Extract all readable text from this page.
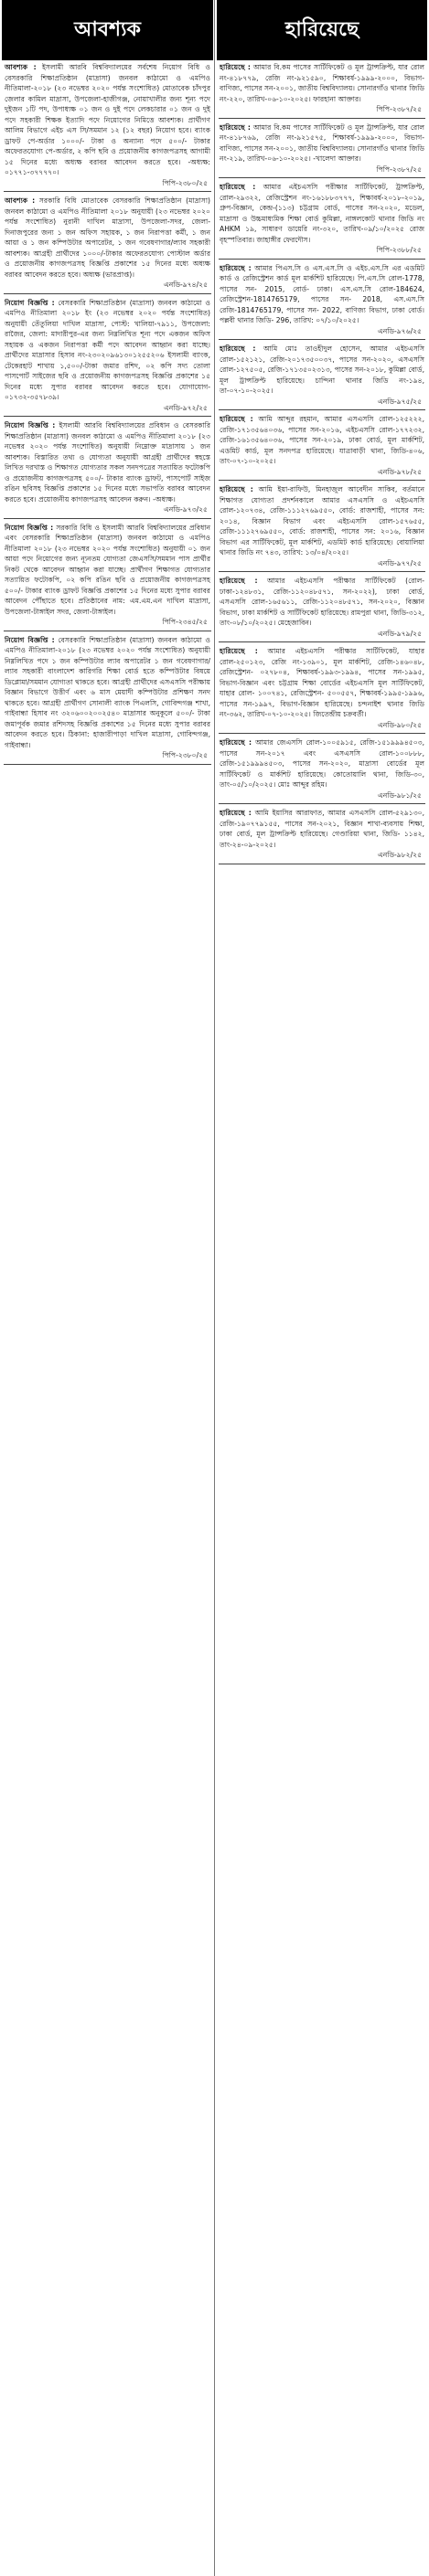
আবশ্যক
আবশ্যক : ইসলামী আরবি বিশ্ববিদ্যালয়ের সর্বশেষ নিয়োগ বিধি ও বেসরকারি শিক্ষাপ্রতিষ্ঠান (মাদ্রাসা) জনবল কাঠামো ও এমপিও নীতিমালা-২০১৮ (২৩ নভেম্বর ২০২০ পর্যন্ত সংশোধিত) মোতাবেক চাঁদপুর জেলার কামিল মাদ্রাসা, উপজেলা-হাজীগঞ্জ, নোয়াখালীর জন্য শূন্য পদে দুইজন ১টি পদ, উপাধ্যক্ষ ০১ জন ও দুই পদে লেকচারার ০১ জন ও দুই পদে সহকারী শিক্ষক ইত্যাদি পদে নিয়োগের নিমিত্তে আবশ্যক। প্রার্থীগণ আলিম বিভাগে এইচ এস সি/সমমান ১২ (১২ বছর) নিয়োগ হবে। ব্যাংক ড্রাফট পে-অর্ডার ১০০০/- টাকা ও অন্যান্য পদে ৫০০/- টাকার অফেরতযোগ্য পে-অর্ডার, ২ কপি ছবি ও প্রয়োজনীয় কাগজপত্রসহ আগামী ১৫ দিনের মধ্যে অধ্যক্ষ বরাবর আবেদন করতে হবে। -অধ্যক্ষ: ০১৭৭১-৩৭৭৭৭০।
পিপি-২৩৮০/২৫
আবশ্যক : সরকারি বিধি মোতাবেক বেসরকারি শিক্ষাপ্রতিষ্ঠান (মাদ্রাসা) জনবল কাঠামো ও এমপিও নীতিমালা ২০১৮ অনুযায়ী (২৩ নভেম্বর ২০২০ পর্যন্ত সংশোধিত) নুরানী দাখিল মাদ্রাসা, উপজেলা-সদর, জেলা-দিনাজপুরের জন্য ১ জন অফিস সহায়ক, ১ জন নিরাপত্তা কর্মী, ১ জন আয়া ও ১ জন কম্পিউটার অপারেটর, ১ জন গবেষণাগার/ল্যাব সহকারী আবশ্যক। আগ্রহী প্রার্থীদের ১০০০/-টাকার অফেরতযোগ্য পোস্টাল অর্ডার ও প্রয়োজনীয় কাগজপত্রসহ বিজ্ঞপ্তি প্রকাশের ১৫ দিনের মধ্যে অধ্যক্ষ বরাবর আবেদন করতে হবে। অধ্যক্ষ (ভারপ্রাপ্ত)।
এনডি-৯৭৪/২৫
নিয়োগ বিজ্ঞপ্তি : বেসরকারি শিক্ষাপ্রতিষ্ঠান (মাদ্রাসা) জনবল কাঠামো ও এমপিও নীতিমালা ২০১৮ ইং (২৩ নভেম্বর ২০২০ পর্যন্ত সংশোধিত) অনুযায়ী তেঁতুলিয়া দাখিল মাদ্রাসা, পোস্ট: খালিয়া-৭৯১১, উপজেলা: রাজৈর, জেলা: মাদারীপুর-এর জন্য নিম্নলিখিত শূন্য পদে একজন অফিস সহায়ক ও একজন নিরাপত্তা কর্মী পদে আবেদন আহ্বান করা যাচ্ছে। প্রার্থীদের মাদ্রাসার হিসাব নং-২৩০২০৯৬১৩০১২৫৫২০৬ ইসলামী ব্যাংক, টেকেরহাট শাখায় ১,৫০০/-টাকা জমার রশিদ, ০২ কপি সদ্য তোলা পাসপোর্ট সাইজের ছবি ও প্রয়োজনীয় কাগজপত্রসহ বিজ্ঞপ্তি প্রকাশের ১৫ দিনের মধ্যে সুপার বরাবর আবেদন করতে হবে। যোগাযোগ- ০১৭৩২-৩৫৭৮৩৯।
এনডি-৯৭২/২৫
নিয়োগ বিজ্ঞপ্তি : ইসলামী আরবি বিশ্ববিদ্যালয়ের প্রবিধান ও বেসরকারি শিক্ষাপ্রতিষ্ঠান (মাদ্রাসা) জনবল কাঠামো ও এমপিও নীতিমালা ২০১৮ (২৩ নভেম্বর ২০২০ পর্যন্ত সংশোধিত) অনুযায়ী নিম্নোক্ত মাদ্রাসায় ১ জন আবশ্যক। বিস্তারিত তথ্য ও যোগ্যতা অনুযায়ী আগ্রহী প্রার্থীদের স্বহস্তে লিখিত দরখাস্ত ও শিক্ষাগত যোগ্যতার সকল সনদপত্রের সত্যায়িত ফটোকপি ও প্রয়োজনীয় কাগজপত্রসহ ৫০০/- টাকার ব্যাংক ড্রাফট, পাসপোর্ট সাইজ রঙিন ছবিসহ বিজ্ঞপ্তি প্রকাশের ১৫ দিনের মধ্যে সভাপতি বরাবর আবেদন করতে হবে। প্রয়োজনীয় কাগজপত্রসহ আবেদন করুন। -অধ্যক্ষ।
এনডি-৯৭৩/২৫
নিয়োগ বিজ্ঞপ্তি : সরকারি বিধি ও ইসলামী আরবি বিশ্ববিদ্যালয়ের প্রবিধান এবং বেসরকারি শিক্ষাপ্রতিষ্ঠান (মাদ্রাসা) জনবল কাঠামো ও এমপিও নীতিমালা ২০১৮ (২৩ নভেম্বর ২০২০ পর্যন্ত সংশোধিত) অনুযায়ী ০১ জন আয়া পদে নিয়োগের জন্য ন্যূনতম যোগ্যতা জেএসসি/সমমান পাস প্রার্থীর নিকট থেকে আবেদন আহ্বান করা যাচ্ছে। প্রার্থীগণ শিক্ষাগত যোগ্যতার সত্যায়িত ফটোকপি, ০২ কপি রঙিন ছবি ও প্রয়োজনীয় কাগজপত্রসহ ৫০০/- টাকার ব্যাংক ড্রাফট বিজ্ঞপ্তি প্রকাশের ১৫ দিনের মধ্যে সুপার বরাবর আবেদন পৌঁছাতে হবে। প্রতিষ্ঠানের নাম: এম.এম.এন দাখিল মাদ্রাসা, উপজেলা-টাঙ্গাইল সদর, জেলা-টাঙ্গাইল।
পিপি-২৩৪৫/২৫
নিয়োগ বিজ্ঞপ্তি : বেসরকারি শিক্ষাপ্রতিষ্ঠান (মাদ্রাসা) জনবল কাঠামো ও এমপিও নীতিমালা-২০১৮ (২৩ নভেম্বর ২০২০ পর্যন্ত সংশোধিত) অনুযায়ী নিম্নলিখিত পদে ১ জন কম্পিউটার ল্যাব অপারেটর ১ জন গবেষণাগার/ল্যাব সহকারী বাংলাদেশ কারিগরি শিক্ষা বোর্ড হতে কম্পিউটার বিষয়ে ডিপ্লোমা/সমমান যোগ্যতা থাকতে হবে। আগ্রহী প্রার্থীদের এসএসসি পরীক্ষায় বিজ্ঞান বিভাগে উত্তীর্ণ এবং ৬ মাস মেয়াদী কম্পিউটার প্রশিক্ষণ সনদ থাকতে হবে। আগ্রহী প্রার্থীগণ সোনালী ব্যাংক পিএলসি, গোবিন্দগঞ্জ শাখা, গাইবান্ধা হিসাব নং ৩২০৬০০২০০২৫৪০ মাদ্রাসার অনুকূলে ৫০০/- টাকা জমাপূর্বক জমার রশিদসহ বিজ্ঞপ্তি প্রকাশের ১৫ দিনের মধ্যে সুপার বরাবর আবেদন করতে হবে। ঠিকানা: হাজারীপাড়া দাখিল মাদ্রাসা, গোবিন্দগঞ্জ, গাইবান্ধা।
পিপি-২৩৮০/২৫
হারিয়েছে
হারিয়েছে : আমার বি.কম পাসের সার্টিফিকেট ও মূল ট্রান্সক্রিপ্ট, যার রোল নং-৪১৮৭৭৯, রেজি নং-৯২১৫৯০, শিক্ষাবর্ষ-১৯৯৯-২০০০, বিভাগ-বাণিজ্য, পাসের সন-২০০১, জাতীয় বিশ্ববিদ্যালয়। সোনারগাঁও থানার জিডি নং-২২০, তারিখ-০৬-১০-২০২৫। ফারহানা আক্তার।
পিপি-২৩৮৭/২৫
হারিয়েছে : আমার বি.কম পাসের সার্টিফিকেট ও মূল ট্রান্সক্রিপ্ট, যার রোল নং-৪১৮৭৬৯, রেজি নং-৯২১৫৭৫, শিক্ষাবর্ষ-১৯৯৯-২০০০, বিভাগ-বাণিজ্য, পাসের সন-২০০১, জাতীয় বিশ্ববিদ্যালয়। সোনারগাঁও থানার জিডি নং-২১৯, তারিখ-০৬-১০-২০২৫। -খালেদা আক্তার।
পিপি-২৩৮৭/২৫
হারিয়েছে : আমার এইচএসসি পরীক্ষার সার্টিফিকেট, ট্রান্সক্রিপ্ট, রোল-২৯৩২২, রেজিস্ট্রেশন নং-১৬১৮৮৩৭৭৭, শিক্ষাবর্ষ-২০১৮-২০১৯, গ্রুপ-বিজ্ঞান, কেন্দ্র-(১১৩) চট্টগ্রাম বোর্ড, পাসের সন-২০২০, মডেল, মাদ্রাসা ও উচ্চমাধ্যমিক শিক্ষা বোর্ড কুমিল্লা, নাঙ্গলকোট থানার জিডি নং AHKM ১৯, সাধারণ ডায়েরি নং-৩২০, তারিখ-০৯/১০/২০২৫ রোজ বৃহস্পতিবার। জাহাঙ্গীর ফেরদৌস।
পিপি-২৩৮৮/২৫
হারিয়েছে : আমার পিএস.সি ও এস.এস.সি ও এইচ.এস.সি এর এডমিট কার্ড ও রেজিস্ট্রেশন কার্ড মূল মার্কশিট হারিয়েছে। পি.এস.সি রোল-1778, পাসের সন- 2015, বোর্ড- ঢাকা। এস.এস.সি রোল-184624, রেজিস্ট্রেশন-1814765179, পাসের সন- 2018, এস.এস.সি রেজি-1814765179, পাসের সন- 2022, বাণিজ্য বিভাগ, ঢাকা বোর্ড। পল্লবী থানার জিডি- 296, তারিখ: ০৭/১০/২০২৫।
এনডি-৯৭৬/২৫
হারিয়েছে : আমি মোঃ তাওহীদুল হোসেন, আমার এইচএসসি রোল-১৫২১২১, রেজি-২০১৭৩৫০০৩৭, পাসের সন-২০২০, এসএসসি রোল-১২৭৫০৫, রেজি-১৭১৩৫০২৩১৩, পাসের সন-২০১৮, কুমিল্লা বোর্ড, মূল ট্রান্সক্রিপ্ট হারিয়েছে। চান্দিনা থানার জিডি নং-১৯৪, তা-০৭-১০-২০২৫।
এনডি-৯৭৫/২৫
হারিয়েছে : আমি আব্দুর রহমান, আমার এসএসসি রোল-১২৫২২২, রেজি-১৭১৩৫৬৪০৩৬, পাসের সন-২০১৬, এইচএসসি রোল-১৭৭২৩২, রেজি-১৬১৩৫৬৪০৩৬, পাসের সন-২০১৯, ঢাকা বোর্ড, মূল মার্কশিট, এডমিট কার্ড, মূল সনদপত্র হারিয়েছে। যাত্রাবাড়ী থানা, জিডি-৪০৬, তাং-০৭-১০-২০২৫।
এনডি-৯৭৮/২৫
হারিয়েছে : আমি ইয়া-রাফিউ, মিনহাজুল আবেদীন সাকিব, বর্তমানে শিক্ষাগত যোগ্যতা প্রদর্শনকালে আমার এসএসসি ও এইচএসসি রোল-১২০৭৩৪, রেজি-১১১২৭৬৯৫৫০, বোর্ড: রাজশাহী, পাসের সন: ২০১৪, বিজ্ঞান বিভাগ এবং এইচএসসি রোল-১৫৭৬৫৫, রেজি-১১১২৭৬৯৫৫০, বোর্ড: রাজশাহী, পাসের সন: ২০১৬, বিজ্ঞান বিভাগ এর সার্টিফিকেট, মূল মার্কশিট, এডমিট কার্ড হারিয়েছে। বোয়ালিয়া থানার জিডি নং ৭৪৩, তারিখ: ১৩/০৪/২০২৫।
এনডি-৯৭৭/২৫
হারিয়েছে : আমার এইচএসসি পরীক্ষার সার্টিফিকেট (রোল-ঢাকা-১২৪৮৩১, রেজি-১১২০৪৮৫৭১, সন-২০২২), ঢাকা বোর্ড, এসএসসি রোল-১৬৫৬১১, রেজি-১১২০৪৮৫৭১, সন-২০২০, বিজ্ঞান বিভাগ, ঢাকা মার্কশিট ও সার্টিফিকেট হারিয়েছে। রামপুরা থানা, জিডি-৩১২, তাং-০৮/১০/২০২৫। মেহেজাবিন।
এনডি-৯৭৯/২৫
হারিয়েছে : আমার এইচএসসি পরীক্ষার সার্টিফিকেট, যাহার রোল-২৫০১২৩, রেজি নং-১৩৯০১, মূল মার্কশিট, রেজি-১৪৬০৪৮, রেজিস্ট্রেশন- ০২৭৮০৪, শিক্ষাবর্ষ-১৯৯৩-১৯৯৪, পাসের সন-১৯৯৫, বিভাগ-বিজ্ঞান এবং চট্টগ্রাম শিক্ষা বোর্ডের এইচএসসি মূল সার্টিফিকেট, যাহার রোল- ১০০৭৪১, রেজিস্ট্রেশন- ৫০০৫৫৭, শিক্ষাবর্ষ-১৯৯৫-১৯৯৬, পাসের সন-১৯৯৭, বিভাগ-বিজ্ঞান হারিয়েছে। চন্দনাইশ থানার জিডি নং-৩৬২, তারিখ-০৭-১০-২০২৫। জিতেন্দ্রীয় চক্রবর্তী।
এনডি-৯৮০/২৫
হারিয়েছে : আমার জেএসসি রোল-১০০৫৯১৫, রেজি-১৫১৯৯৯৪৫০৩, পাসের সন-২০১৭ এবং এসএসসি রোল-১০০৮৮৮, রেজি-১৫১৯৯৯৪৫০৩, পাসের সন-২০২০, মাদ্রাসা বোর্ডের মূল সার্টিফিকেট ও মার্কশিট হারিয়েছে। কোতোয়ালি থানা, জিডি-৩০, তাং-০৫/১০/২০২৫। মোঃ আব্দুর রহিম।
এনডি-৯৮১/২৫
হারিয়েছে : আমি ইয়াসির আরাফাত, আমার এসএসসি রোল-৫২৯১৩০, রেজি-১৯০৭৭৯১৫৫, পাসের সন-২০২১, বিজ্ঞান শাখা-ব্যবসায় শিক্ষা, ঢাকা বোর্ড, মূল ট্রান্সক্রিপ্ট হারিয়েছে। গেণ্ডারিয়া থানা, জিডি- ১১৪২, তাং-২৪-০৯-২০২৫।
এনডি-৯৮২/২৫
